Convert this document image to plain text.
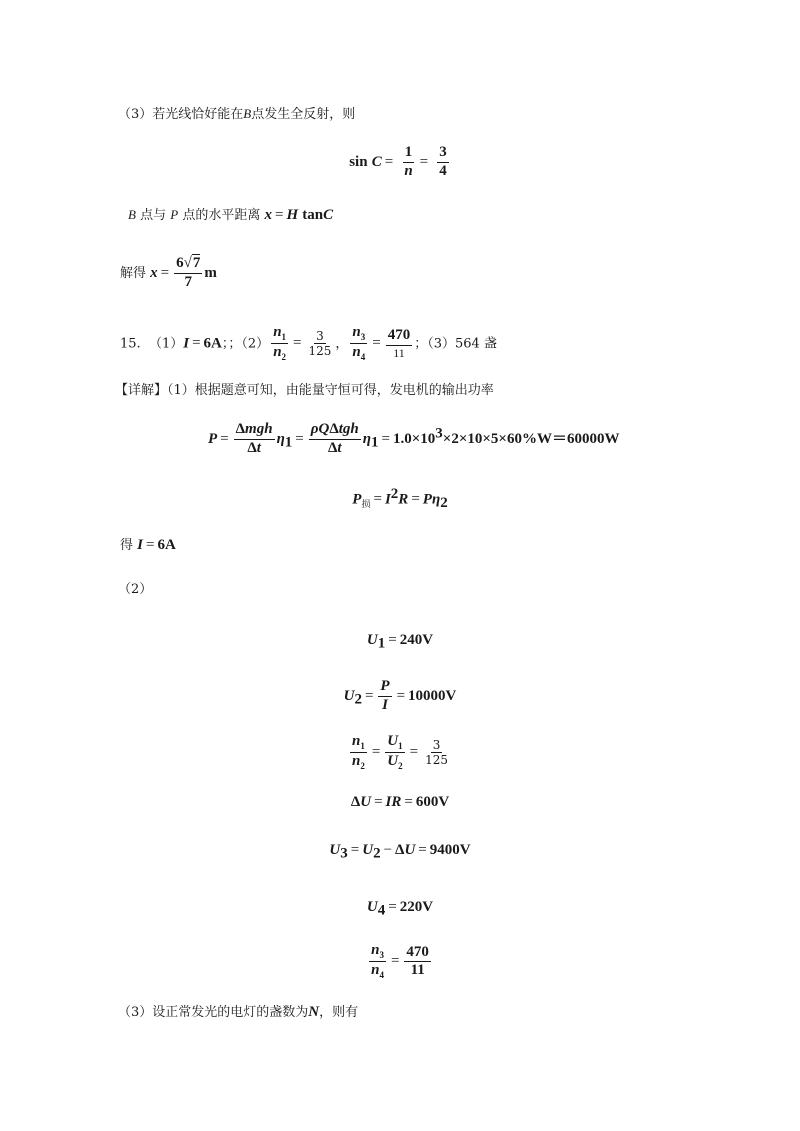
（3）若光线恰好能在B点发生全反射，则
$\sin C = \frac{1}{n} = \frac{3}{4}$
B 点与 P 点的水平距离 x = H tanC
解得 $x = \frac{6√7}{7}$ m
15. （1）I = 6A；；$(2) \frac{n_1}{n_2} = \frac{3}{125}$ ， $\frac{n_3}{n_4} = \frac{470}{11}$ ；（3）564 盏
【详解】（1）根据题意可知，由能量守恒可得，发电机的输出功率
$P = \frac{\text{Δmgh}}{\Delta t} \eta_1 = \frac{\text{ρQΔtgh}}{\Delta t} \eta_1 = 1.0\times 10^3\times 2\times 10\times 5\times 60\%W=60000W$
$P_损 = I^2R = P\eta_2$
得 I = 6A
（2）
$U_1 = 240V$
$U_2 = \frac{P}{I} = 10000V$
$\frac{n_1}{n_2} = \frac{U_1}{U_2} = \frac{3}{125}$
ΔU = IR = 600V
$U_3 = U_2 - \Delta U = 9400V$
$U_4 = 220V$
$\frac{n_3}{n_4} = \frac{470}{11}$
（3）设正常发光的电灯的盏数为N，则有
